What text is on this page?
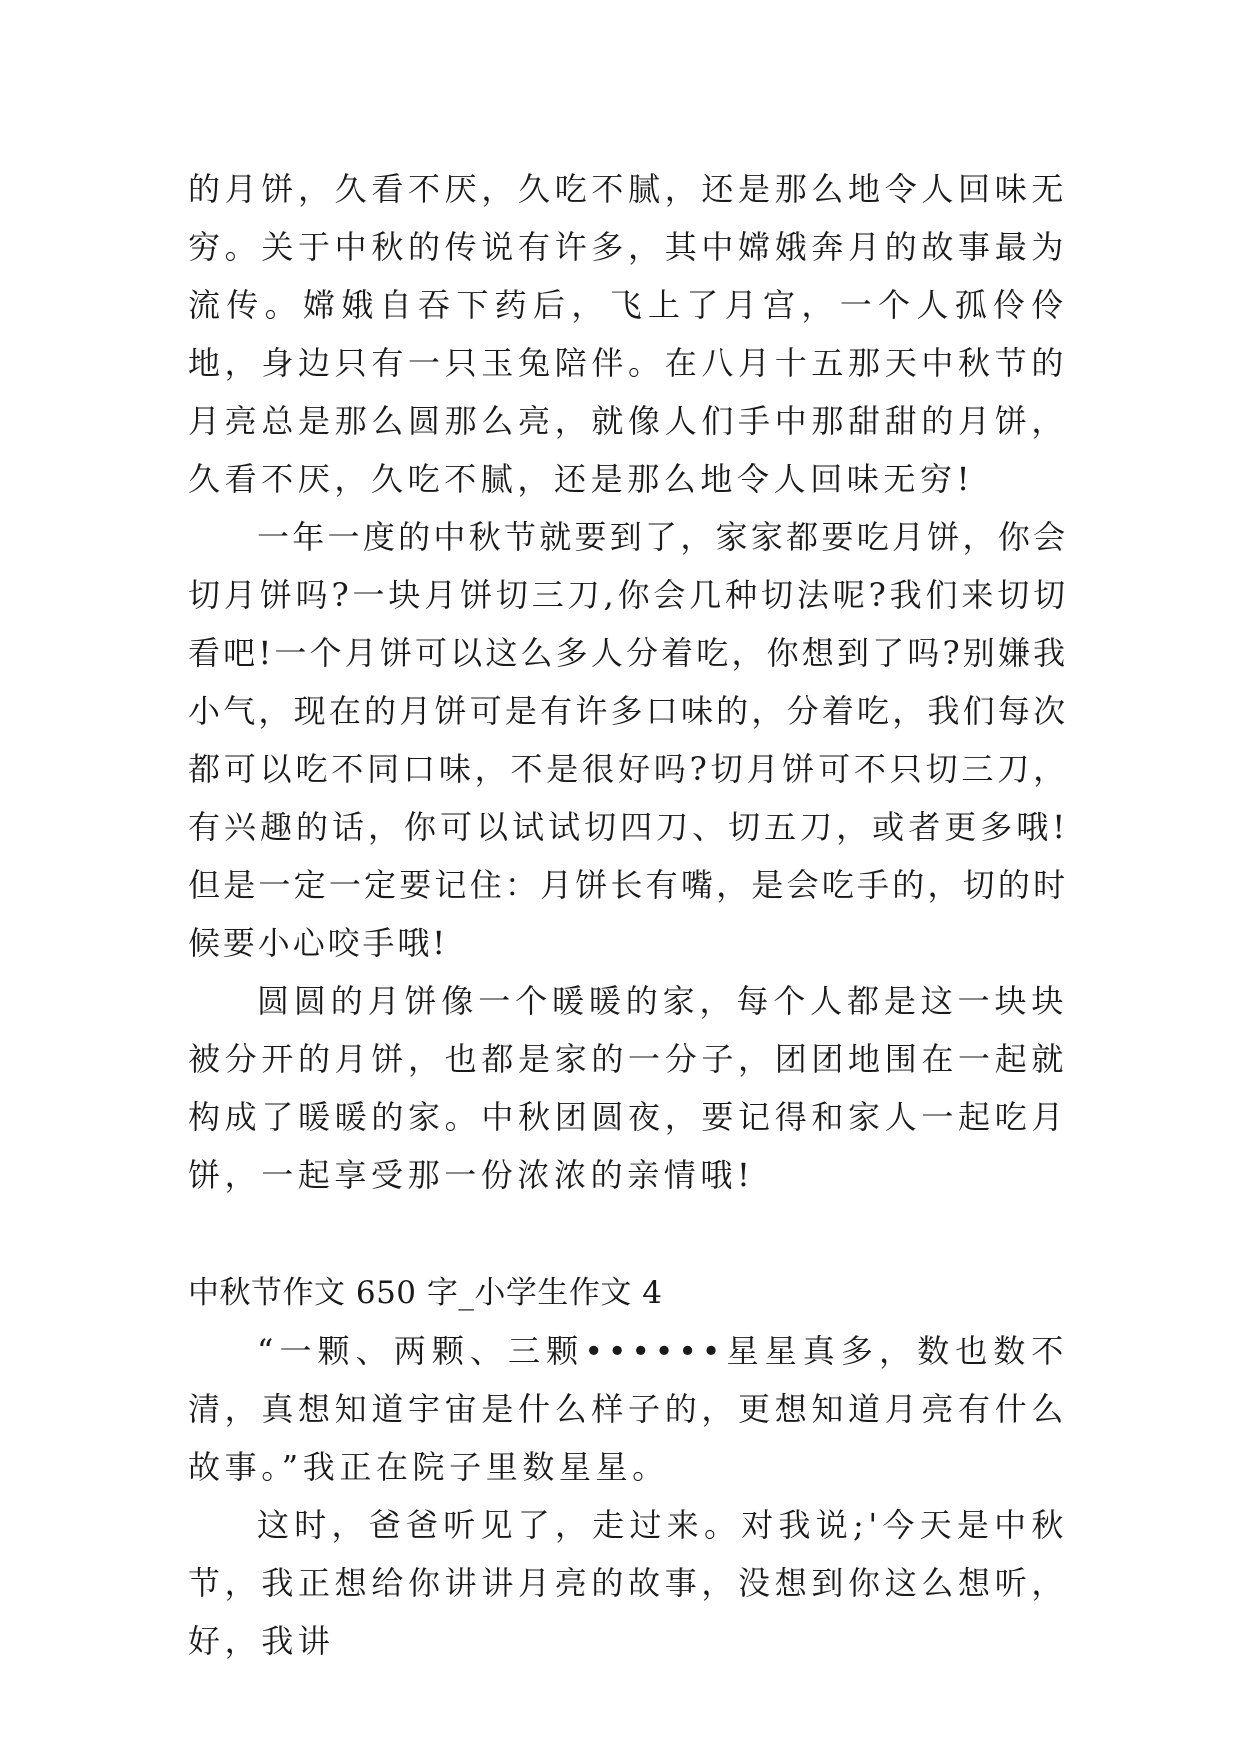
的月饼，久看不厌，久吃不腻，还是那么地令人回味无穷。关于中秋的传说有许多，其中嫦娥奔月的故事最为流传。嫦娥自吞下药后，飞上了月宫，一个人孤伶伶地，身边只有一只玉兔陪伴。在八月十五那天中秋节的月亮总是那么圆那么亮，就像人们手中那甜甜的月饼，久看不厌，久吃不腻，还是那么地令人回味无穷!

一年一度的中秋节就要到了，家家都要吃月饼，你会切月饼吗?一块月饼切三刀,你会几种切法呢?我们来切切看吧!一个月饼可以这么多人分着吃，你想到了吗?别嫌我小气，现在的月饼可是有许多口味的，分着吃，我们每次都可以吃不同口味，不是很好吗?切月饼可不只切三刀，有兴趣的话，你可以试试切四刀、切五刀，或者更多哦!但是一定一定要记住：月饼长有嘴，是会吃手的，切的时候要小心咬手哦!

圆圆的月饼像一个暖暖的家，每个人都是这一块块被分开的月饼，也都是家的一分子，团团地围在一起就构成了暖暖的家。中秋团圆夜，要记得和家人一起吃月饼，一起享受那一份浓浓的亲情哦!

中秋节作文 650 字_小学生作文 4

“一颗、两颗、三颗••••••星星真多，数也数不清，真想知道宇宙是什么样子的，更想知道月亮有什么故事。”我正在院子里数星星。

这时，爸爸听见了，走过来。对我说;'今天是中秋节，我正想给你讲讲月亮的故事，没想到你这么想听，好，我讲
